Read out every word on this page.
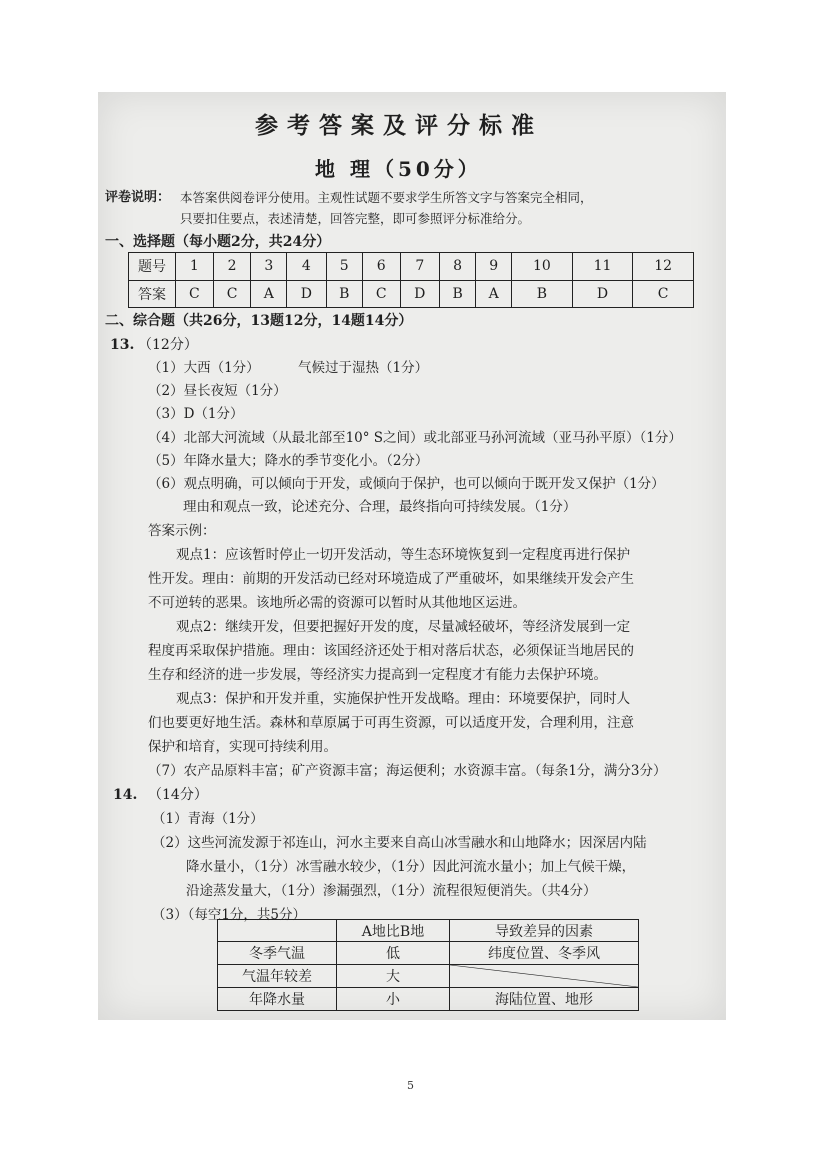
参考答案及评分标准
地 理（50分）
评卷说明： 本答案供阅卷评分使用。主观性试题不要求学生所答文字与答案完全相同，
只要扣住要点，表述清楚，回答完整，即可参照评分标准给分。
一、选择题（每小题2分，共24分）
题号	1	2	3	4	5	6	7	8	9	10	11	12
答案	C	C	A	D	B	C	D	B	A	B	D	C
二、综合题（共26分，13题12分，14题14分）
13. （12分）
（1）大西（1分）	气候过于湿热（1分）
（2）昼长夜短（1分）
（3）D（1分）
（4）北部大河流域（从最北部至10° S之间）或北部亚马孙河流域（亚马孙平原）（1分）
（5）年降水量大；降水的季节变化小。（2分）
（6）观点明确，可以倾向于开发，或倾向于保护，也可以倾向于既开发又保护（1分）
理由和观点一致，论述充分、合理，最终指向可持续发展。（1分）
答案示例：
观点1：应该暂时停止一切开发活动，等生态环境恢复到一定程度再进行保护
性开发。理由：前期的开发活动已经对环境造成了严重破坏，如果继续开发会产生
不可逆转的恶果。该地所必需的资源可以暂时从其他地区运进。
观点2：继续开发，但要把握好开发的度，尽量减轻破坏，等经济发展到一定
程度再采取保护措施。理由：该国经济还处于相对落后状态，必须保证当地居民的
生存和经济的进一步发展，等经济实力提高到一定程度才有能力去保护环境。
观点3：保护和开发并重，实施保护性开发战略。理由：环境要保护，同时人
们也要更好地生活。森林和草原属于可再生资源，可以适度开发，合理利用，注意
保护和培育，实现可持续利用。
（7）农产品原料丰富；矿产资源丰富；海运便利；水资源丰富。（每条1分，满分3分）
14. （14分）
（1）青海（1分）
（2）这些河流发源于祁连山，河水主要来自高山冰雪融水和山地降水；因深居内陆
降水量小，（1分）冰雪融水较少，（1分）因此河流水量小；加上气候干燥，
沿途蒸发量大，（1分）渗漏强烈，（1分）流程很短便消失。（共4分）
（3）（每空1分，共5分）
	A地比B地	导致差异的因素
冬季气温	低	纬度位置、冬季风
气温年较差	大	

年降水量	小	海陆位置、地形
5
